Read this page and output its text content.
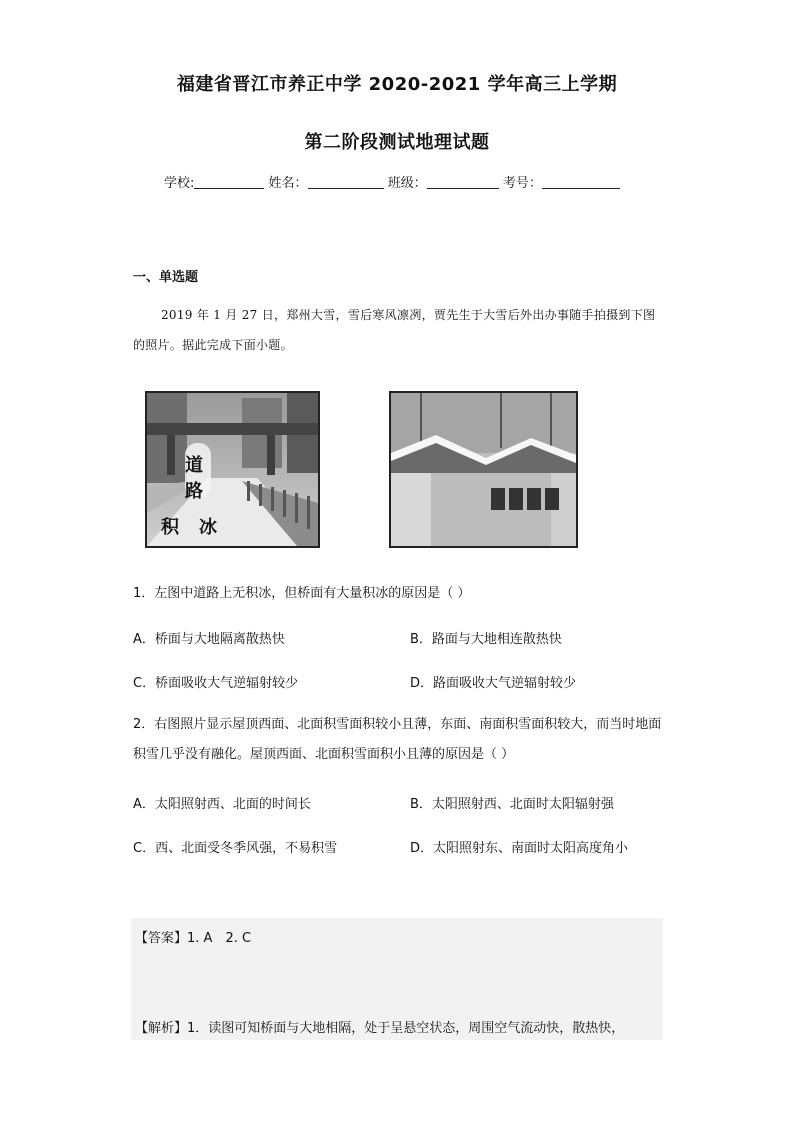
福建省晋江市养正中学 2020-2021 学年高三上学期
第二阶段测试地理试题
学校:	姓名：	班级：	考号：
一、单选题
2019 年 1 月 27 日，郑州大雪，雪后寒风凛冽，贾先生于大雪后外出办事随手拍摄到下图的照片。据此完成下面小题。
道
路
积 冰
1．左图中道路上无积冰，但桥面有大量积冰的原因是（ ）
A．桥面与大地隔离散热快	B．路面与大地相连散热快
C．桥面吸收大气逆辐射较少	D．路面吸收大气逆辐射较少
2．右图照片显示屋顶西面、北面积雪面积较小且薄，东面、南面积雪面积较大，而当时地面积雪几乎没有融化。屋顶西面、北面积雪面积小且薄的原因是（ ）
A．太阳照射西、北面的时间长	B．太阳照射西、北面时太阳辐射强
C．西、北面受冬季风强，不易积雪	D．太阳照射东、南面时太阳高度角小
【答案】1. A　2. C
【解析】1．读图可知桥面与大地相隔，处于呈悬空状态，周围空气流动快，散热快，
